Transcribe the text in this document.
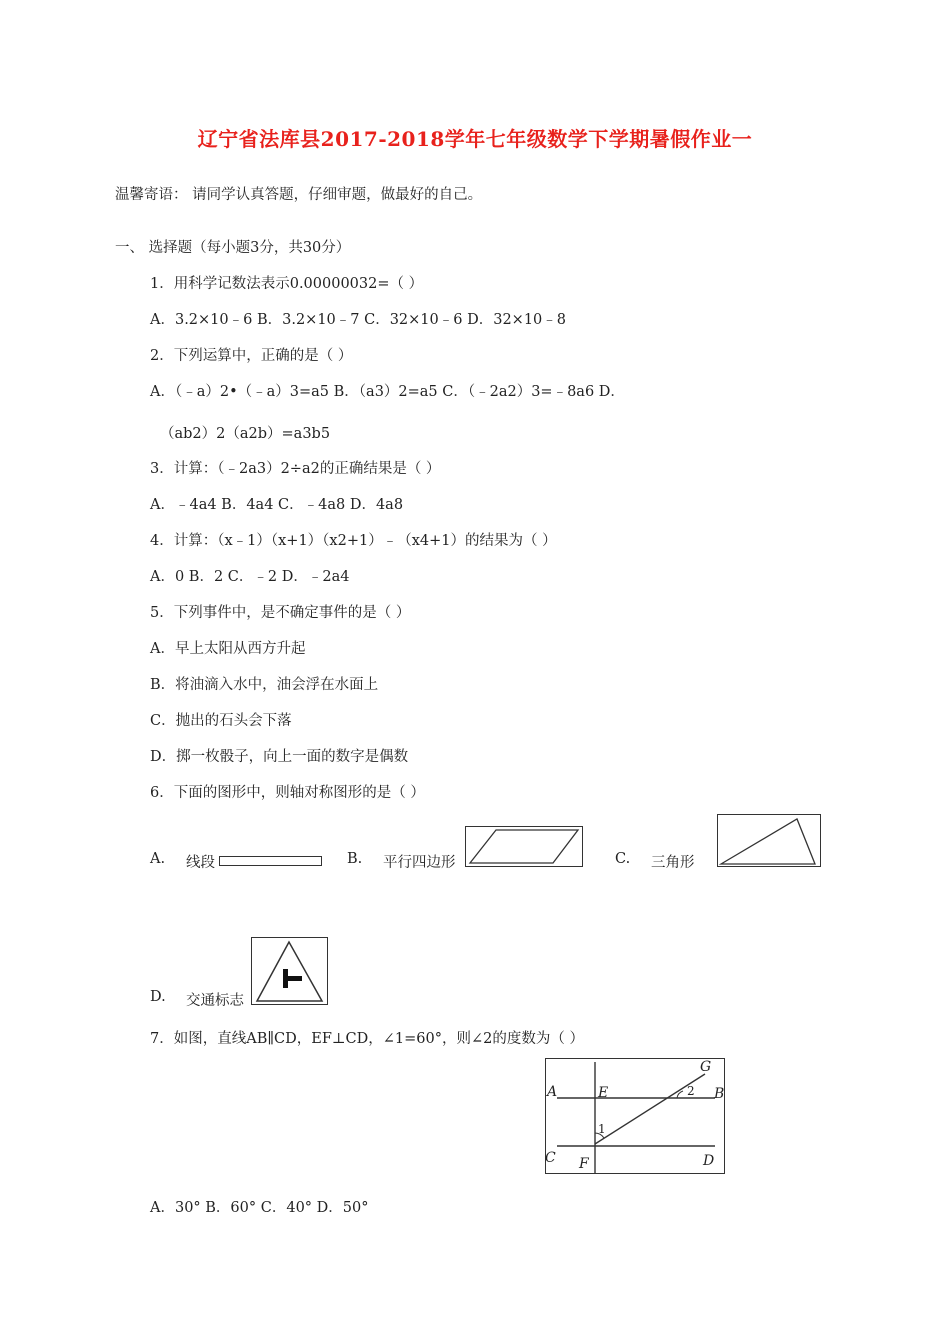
辽宁省法库县2017-2018学年七年级数学下学期暑假作业一
温馨寄语： 请同学认真答题，仔细审题，做最好的自己。
一、 选择题（每小题3分，共30分）
1．用科学记数法表示0.00000032=（ ）
A．3.2×10﹣6 B．3.2×10﹣7 C．32×10﹣6 D．32×10﹣8
2．下列运算中，正确的是（ ）
A．（﹣a）2•（﹣a）3=a5 B．（a3）2=a5 C．（﹣2a2）3=﹣8a6 D．
（ab2）2（a2b）=a3b5
3．计算：（﹣2a3）2÷a2的正确结果是（ ）
A．﹣4a4 B．4a4 C．﹣4a8 D．4a8
4．计算：（x﹣1）（x+1）（x2+1）﹣（x4+1）的结果为（ ）
A．0 B．2 C．﹣2 D．﹣2a4
5．下列事件中，是不确定事件的是（ ）
A．早上太阳从西方升起
B．将油滴入水中，油会浮在水面上
C．抛出的石头会下落
D．掷一枚骰子，向上一面的数字是偶数
6．下面的图形中，则轴对称图形的是（ ）
A. 线段	B. 平行四边形	C. 三角形
D. 交通标志
7．如图，直线AB∥CD，EF⊥CD，∠1=60°，则∠2的度数为（ ）
A	E	B
G
C F	D
1
2
A．30° B．60° C．40° D．50°
